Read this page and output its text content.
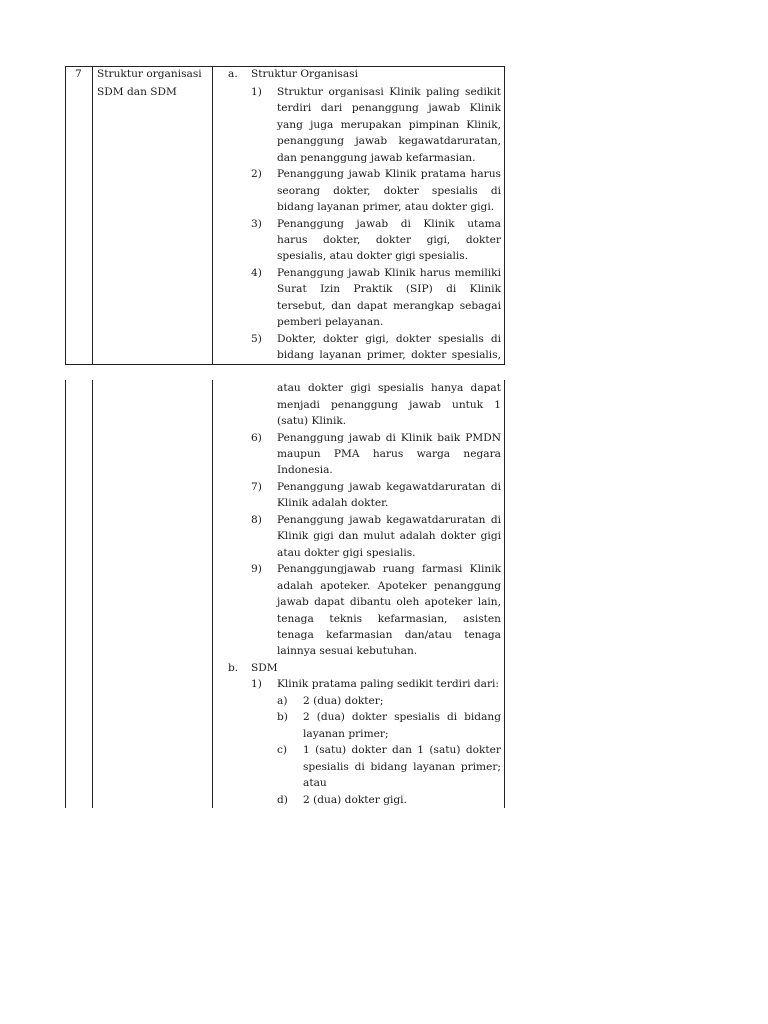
7 Struktur organisasi
SDM dan SDM
a. Struktur Organisasi
1) Struktur organisasi Klinik paling sedikit
terdiri dari penanggung jawab Klinik
yang juga merupakan pimpinan Klinik,
penanggung jawab kegawatdaruratan,
dan penanggung jawab kefarmasian.
2) Penanggung jawab Klinik pratama harus
seorang dokter, dokter spesialis di
bidang layanan primer, atau dokter gigi.
3) Penanggung jawab di Klinik utama
harus dokter, dokter gigi, dokter
spesialis, atau dokter gigi spesialis.
4) Penanggung jawab Klinik harus memiliki
Surat Izin Praktik (SIP) di Klinik
tersebut, dan dapat merangkap sebagai
pemberi pelayanan.
5) Dokter, dokter gigi, dokter spesialis di
bidang layanan primer, dokter spesialis,
atau dokter gigi spesialis hanya dapat
menjadi penanggung jawab untuk 1
(satu) Klinik.
6) Penanggung jawab di Klinik baik PMDN
maupun PMA harus warga negara
Indonesia.
7) Penanggung jawab kegawatdaruratan di
Klinik adalah dokter.
8) Penanggung jawab kegawatdaruratan di
Klinik gigi dan mulut adalah dokter gigi
atau dokter gigi spesialis.
9) Penanggungjawab ruang farmasi Klinik
adalah apoteker. Apoteker penanggung
jawab dapat dibantu oleh apoteker lain,
tenaga teknis kefarmasian, asisten
tenaga kefarmasian dan/atau tenaga
lainnya sesuai kebutuhan.
b. SDM
1) Klinik pratama paling sedikit terdiri dari:
a) 2 (dua) dokter;
b) 2 (dua) dokter spesialis di bidang
layanan primer;
c) 1 (satu) dokter dan 1 (satu) dokter
spesialis di bidang layanan primer;
atau
d) 2 (dua) dokter gigi.
